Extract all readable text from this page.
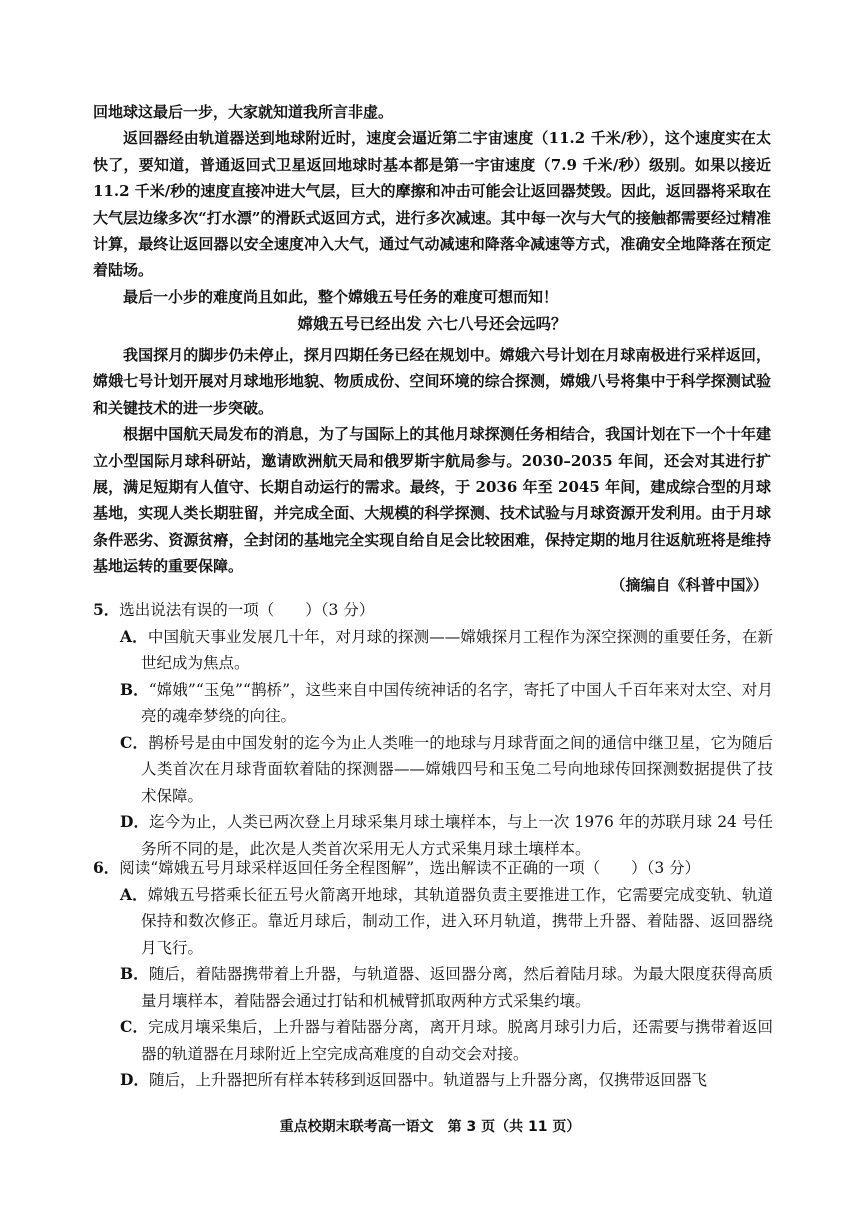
回地球这最后一步，大家就知道我所言非虚。

返回器经由轨道器送到地球附近时，速度会逼近第二宇宙速度（11.2 千米/秒），这个速度实在太快了，要知道，普通返回式卫星返回地球时基本都是第一宇宙速度（7.9 千米/秒）级别。如果以接近 11.2 千米/秒的速度直接冲进大气层，巨大的摩擦和冲击可能会让返回器焚毁。因此，返回器将采取在大气层边缘多次“打水漂”的滑跃式返回方式，进行多次减速。其中每一次与大气的接触都需要经过精准计算，最终让返回器以安全速度冲入大气，通过气动减速和降落伞减速等方式，准确安全地降落在预定着陆场。

最后一小步的难度尚且如此，整个嫦娥五号任务的难度可想而知！

嫦娥五号已经出发 六七八号还会远吗？

我国探月的脚步仍未停止，探月四期任务已经在规划中。嫦娥六号计划在月球南极进行采样返回，嫦娥七号计划开展对月球地形地貌、物质成份、空间环境的综合探测，嫦娥八号将集中于科学探测试验和关键技术的进一步突破。

根据中国航天局发布的消息，为了与国际上的其他月球探测任务相结合，我国计划在下一个十年建立小型国际月球科研站，邀请欧洲航天局和俄罗斯宇航局参与。2030–2035 年间，还会对其进行扩展，满足短期有人值守、长期自动运行的需求。最终，于 2036 年至 2045 年间，建成综合型的月球基地，实现人类长期驻留，并完成全面、大规模的科学探测、技术试验与月球资源开发利用。由于月球条件恶劣、资源贫瘠，全封闭的基地完全实现自给自足会比较困难，保持定期的地月往返航班将是维持基地运转的重要保障。

（摘编自《科普中国》）

5．选出说法有误的一项（　　）（3 分）

A．中国航天事业发展几十年，对月球的探测——嫦娥探月工程作为深空探测的重要任务，在新世纪成为焦点。

B．“嫦娥”“玉兔”“鹊桥”，这些来自中国传统神话的名字，寄托了中国人千百年来对太空、对月亮的魂牵梦绕的向往。

C．鹊桥号是由中国发射的迄今为止人类唯一的地球与月球背面之间的通信中继卫星，它为随后人类首次在月球背面软着陆的探测器——嫦娥四号和玉兔二号向地球传回探测数据提供了技术保障。

D．迄今为止，人类已两次登上月球采集月球土壤样本，与上一次 1976 年的苏联月球 24 号任务所不同的是，此次是人类首次采用无人方式采集月球土壤样本。

6．阅读“嫦娥五号月球采样返回任务全程图解”，选出解读不正确的一项（　　）（3 分）

A．嫦娥五号搭乘长征五号火箭离开地球，其轨道器负责主要推进工作，它需要完成变轨、轨道保持和数次修正。靠近月球后，制动工作，进入环月轨道，携带上升器、着陆器、返回器绕月飞行。

B．随后，着陆器携带着上升器，与轨道器、返回器分离，然后着陆月球。为最大限度获得高质量月壤样本，着陆器会通过打钻和机械臂抓取两种方式采集约壤。

C．完成月壤采集后，上升器与着陆器分离，离开月球。脱离月球引力后，还需要与携带着返回器的轨道器在月球附近上空完成高难度的自动交会对接。

D．随后，上升器把所有样本转移到返回器中。轨道器与上升器分离，仅携带返回器飞

重点校期末联考高一语文　第 3 页（共 11 页）
